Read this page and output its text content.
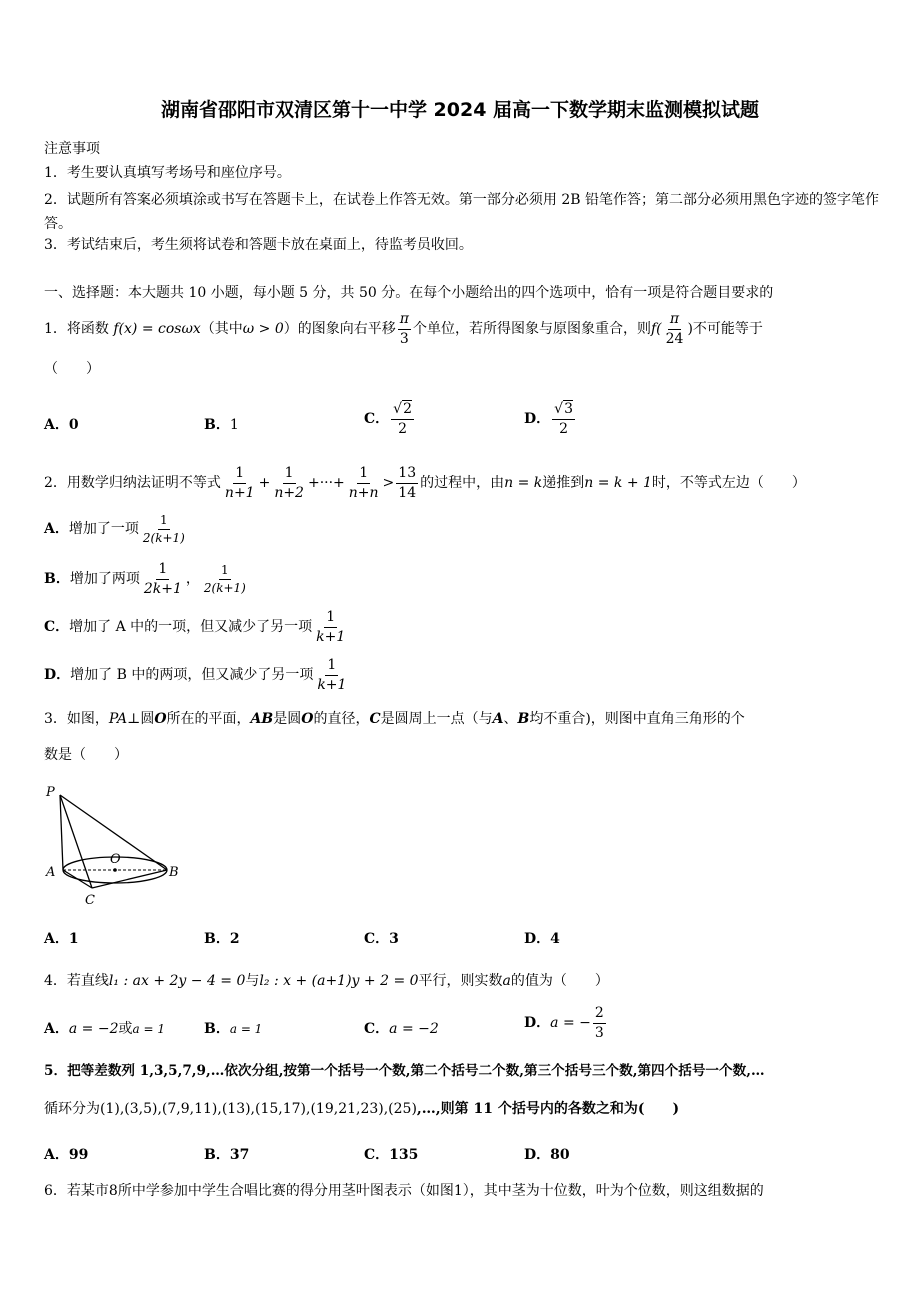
湖南省邵阳市双清区第十一中学 2024 届高一下数学期末监测模拟试题
注意事项
1．考生要认真填写考场号和座位序号。
2．试题所有答案必须填涂或书写在答题卡上，在试卷上作答无效。第一部分必须用 2B 铅笔作答；第二部分必须用黑色字迹的签字笔作答。
3．考试结束后，考生须将试卷和答题卡放在桌面上，待监考员收回。
一、选择题：本大题共 10 小题，每小题 5 分，共 50 分。在每个小题给出的四个选项中，恰有一项是符合题目要求的
1．将函数 f(x) = cosωx（其中ω > 0）的图象向右平移 $\frac{\pi}{3}$ 个单位，若所得图象与原图象重合，则$f( \frac{\pi}{24}$ )不可能等于
（　　）
A．0	B．1	C． $\frac{√2}{2}$	D． $\frac{√3}{2}$
2．用数学归纳法证明不等式 $\frac{1}{n+1} + \frac{1}{n+2}$ +···+ $\frac{1}{n+n} > \frac{13}{14}$ 的过程中，由n = k递推到n = k + 1时，不等式左边（　　）
A．增加了一项 $\frac{1}{2(k+1)}$
B．增加了两项 $\frac{1}{2k+1}$ ， $\frac{1}{2(k+1)}$
C．增加了 A 中的一项，但又减少了另一项 $\frac{1}{k+1}$
D．增加了 B 中的两项，但又减少了另一项 $\frac{1}{k+1}$
3．如图，PA⊥圆O所在的平面，AB是圆O的直径，C是圆周上一点（与A、B均不重合)，则图中直角三角形的个
数是（　　）
P
O
A	B
C
A．1	B．2	C．3	D．4
4．若直线l₁ : ax + 2y − 4 = 0与l₂ : x + (a+1)y + 2 = 0平行，则实数a的值为（　　）
A．a = −2或a = 1	B．a = 1	C．a = −2	D．a = − $\frac{2}{3}$
5．把等差数列 1,3,5,7,9,…依次分组,按第一个括号一个数,第二个括号二个数,第三个括号三个数,第四个括号一个数,…
循环分为(1),(3,5),(7,9,11),(13),(15,17),(19,21,23),(25),…,则第 11 个括号内的各数之和为(　　)
A．99	B．37	C．135	D．80
6．若某市8所中学参加中学生合唱比赛的得分用茎叶图表示（如图1），其中茎为十位数，叶为个位数，则这组数据的
